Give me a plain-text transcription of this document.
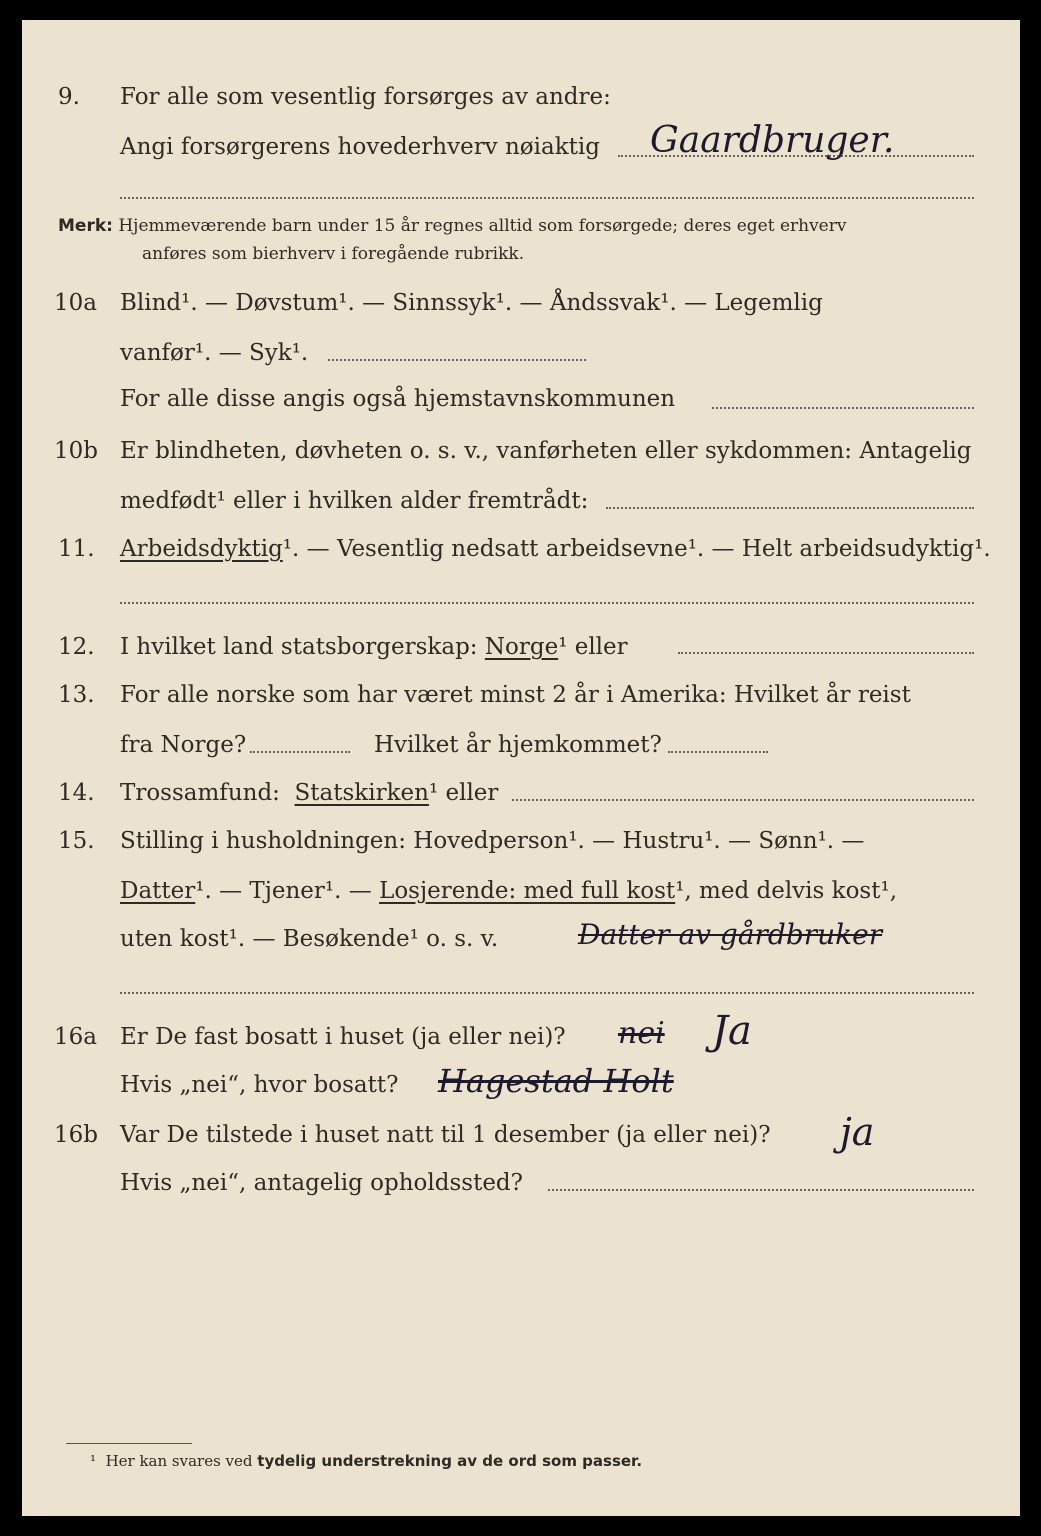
9. For alle som vesentlig forsørges av andre:
Angi forsørgerens hovederhverv nøiaktig Gaardbruger.
Merk: Hjemmeværende barn under 15 år regnes alltid som forsørgede; deres eget erhverv
anføres som bierhverv i foregående rubrikk.
10a Blind¹. — Døvstum¹. — Sinnssyk¹. — Åndssvak¹. — Legemlig
vanfør¹. — Syk¹.
For alle disse angis også hjemstavnskommunen
10b Er blindheten, døvheten o. s. v., vanførheten eller sykdommen: Antagelig
medfødt¹ eller i hvilken alder fremtrådt:
11. Arbeidsdyktig¹. — Vesentlig nedsatt arbeidsevne¹. — Helt arbeidsudyktig¹.
12. I hvilket land statsborgerskap: Norge¹ eller
13. For alle norske som har været minst 2 år i Amerika: Hvilket år reist
fra Norge?	Hvilket år hjemkommet?
14. Trossamfund: Statskirken¹ eller
15. Stilling i husholdningen: Hovedperson¹. — Hustru¹. — Sønn¹. —
Datter¹. — Tjener¹. — Losjerende: med full kost¹, med delvis kost¹,
uten kost¹. — Besøkende¹ o. s. v.	Datter av gårdbruker
16a Er De fast bosatt i huset (ja eller nei)? nei Ja
Hvis „nei“, hvor bosatt? Hagestad Holt
16b Var De tilstede i huset natt til 1 desember (ja eller nei)? ja
Hvis „nei“, antagelig opholdssted?
¹ Her kan svares ved tydelig understrekning av de ord som passer.
